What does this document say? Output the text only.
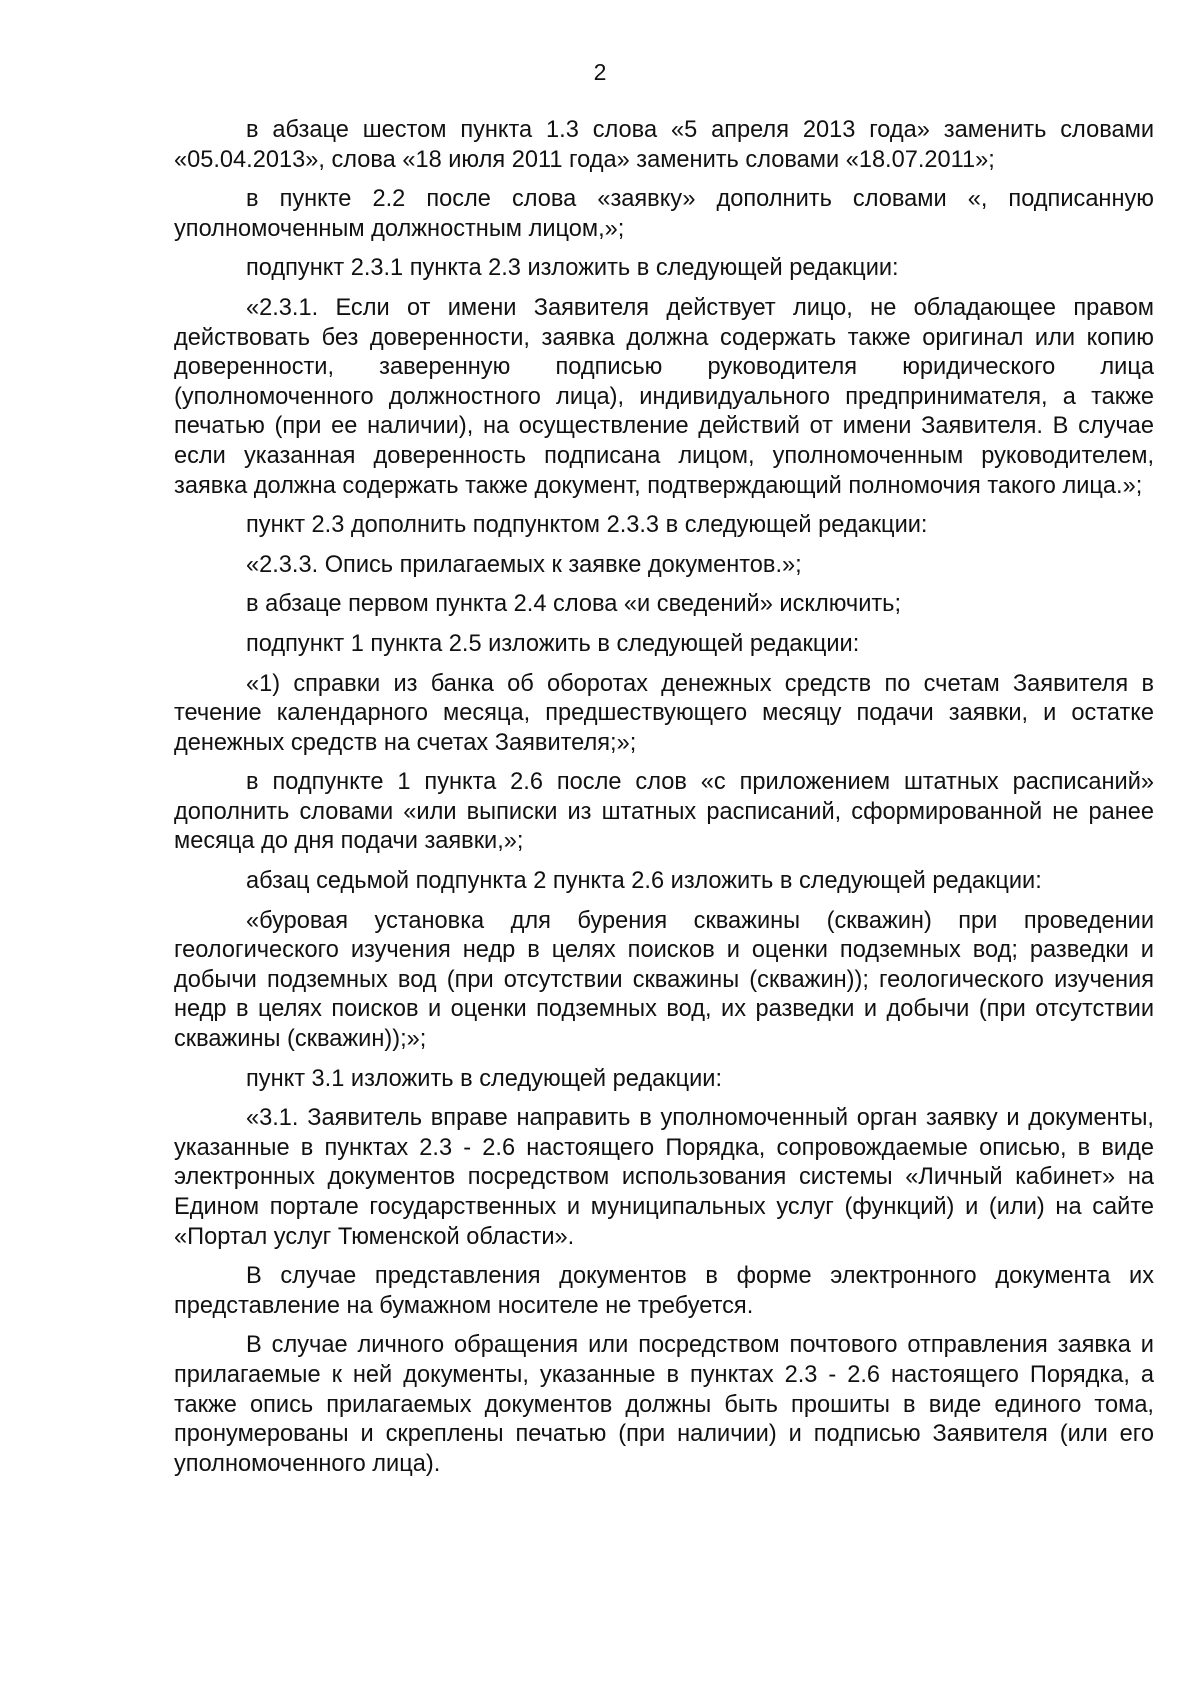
2

в абзаце шестом пункта 1.3 слова «5 апреля 2013 года» заменить словами «05.04.2013», слова «18 июля 2011 года» заменить словами «18.07.2011»;

в пункте 2.2 после слова «заявку» дополнить словами «, подписанную уполномоченным должностным лицом,»;

подпункт 2.3.1 пункта 2.3 изложить в следующей редакции:

«2.3.1. Если от имени Заявителя действует лицо, не обладающее правом действовать без доверенности, заявка должна содержать также оригинал или копию доверенности, заверенную подписью руководителя юридического лица (уполномоченного должностного лица), индивидуального предпринимателя, а также печатью (при ее наличии), на осуществление действий от имени Заявителя. В случае если указанная доверенность подписана лицом, уполномоченным руководителем, заявка должна содержать также документ, подтверждающий полномочия такого лица.»;

пункт 2.3 дополнить подпунктом 2.3.3 в следующей редакции:

«2.3.3. Опись прилагаемых к заявке документов.»;

в абзаце первом пункта 2.4 слова «и сведений» исключить;

подпункт 1 пункта 2.5 изложить в следующей редакции:

«1) справки из банка об оборотах денежных средств по счетам Заявителя в течение календарного месяца, предшествующего месяцу подачи заявки, и остатке денежных средств на счетах Заявителя;»;

в подпункте 1 пункта 2.6 после слов «с приложением штатных расписаний» дополнить словами «или выписки из штатных расписаний, сформированной не ранее месяца до дня подачи заявки,»;

абзац седьмой подпункта 2 пункта 2.6 изложить в следующей редакции:

«буровая установка для бурения скважины (скважин) при проведении геологического изучения недр в целях поисков и оценки подземных вод; разведки и добычи подземных вод (при отсутствии скважины (скважин)); геологического изучения недр в целях поисков и оценки подземных вод, их разведки и добычи (при отсутствии скважины (скважин));»;

пункт 3.1 изложить в следующей редакции:

«3.1. Заявитель вправе направить в уполномоченный орган заявку и документы, указанные в пунктах 2.3 - 2.6 настоящего Порядка, сопровождаемые описью, в виде электронных документов посредством использования системы «Личный кабинет» на Едином портале государственных и муниципальных услуг (функций) и (или) на сайте «Портал услуг Тюменской области».

В случае представления документов в форме электронного документа их представление на бумажном носителе не требуется.

В случае личного обращения или посредством почтового отправления заявка и прилагаемые к ней документы, указанные в пунктах 2.3 - 2.6 настоящего Порядка, а также опись прилагаемых документов должны быть прошиты в виде единого тома, пронумерованы и скреплены печатью (при наличии) и подписью Заявителя (или его уполномоченного лица).
